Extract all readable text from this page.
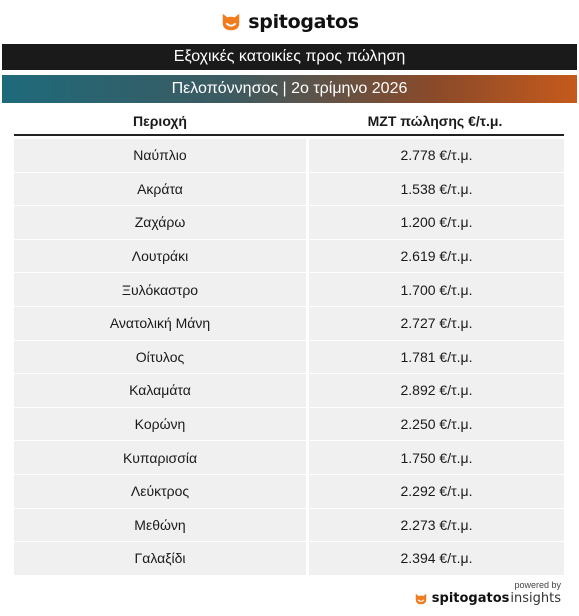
spitogatos
Εξοχικές κατοικίες προς πώληση
Πελοπόννησος | 2ο τρίμηνο 2026
Περιοχή	ΜΖΤ πώλησης €/τ.μ.
Ναύπλιο	2.778 €/τ.μ.
Ακράτα	1.538 €/τ.μ.
Ζαχάρω	1.200 €/τ.μ.
Λουτράκι	2.619 €/τ.μ.
Ξυλόκαστρο	1.700 €/τ.μ.
Ανατολική Μάνη	2.727 €/τ.μ.
Οίτυλος	1.781 €/τ.μ.
Καλαμάτα	2.892 €/τ.μ.
Κορώνη	2.250 €/τ.μ.
Κυπαρισσία	1.750 €/τ.μ.
Λεύκτρος	2.292 €/τ.μ.
Μεθώνη	2.273 €/τ.μ.
Γαλαξίδι	2.394 €/τ.μ.
powered by
spitogatos insights
